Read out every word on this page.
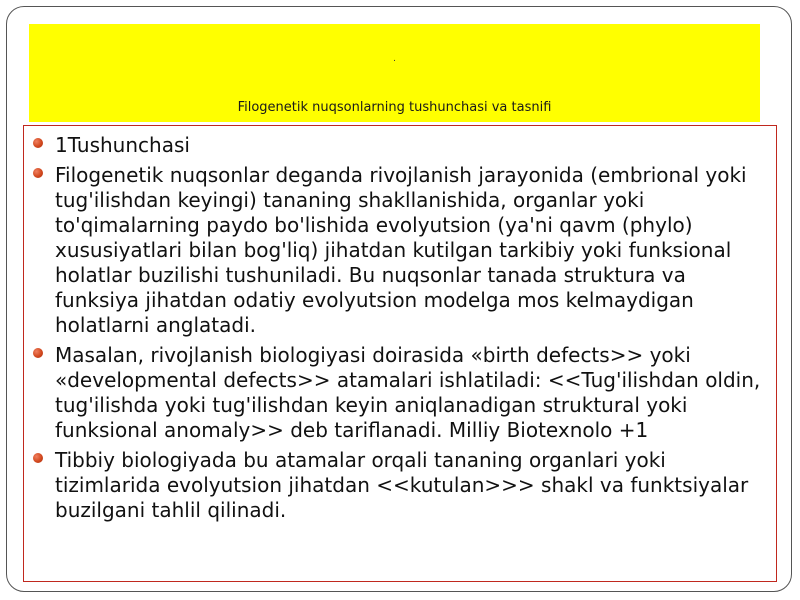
.
Filogenetik nuqsonlarning tushunchasi va tasnifi
1Tushunchasi
Filogenetik nuqsonlar deganda rivojlanish jarayonida (embrional yoki tug'ilishdan keyingi) tananing shakllanishida, organlar yoki to'qimalarning paydo bo'lishida evolyutsion (ya'ni qavm (phylo) xususiyatlari bilan bog'liq) jihatdan kutilgan tarkibiy yoki funksional holatlar buzilishi tushuniladi. Bu nuqsonlar tanada struktura va funksiya jihatdan odatiy evolyutsion modelga mos kelmaydigan holatlarni anglatadi.
Masalan, rivojlanish biologiyasi doirasida «birth defects>> yoki «developmental defects>> atamalari ishlatiladi: <<Tug'ilishdan oldin, tug'ilishda yoki tug'ilishdan keyin aniqlanadigan struktural yoki funksional anomaly>> deb tariflanadi. Milliy Biotexnolo +1
Tibbiy biologiyada bu atamalar orqali tananing organlari yoki tizimlarida evolyutsion jihatdan <<kutulan>>> shakl va funktsiyalar buzilgani tahlil qilinadi.
